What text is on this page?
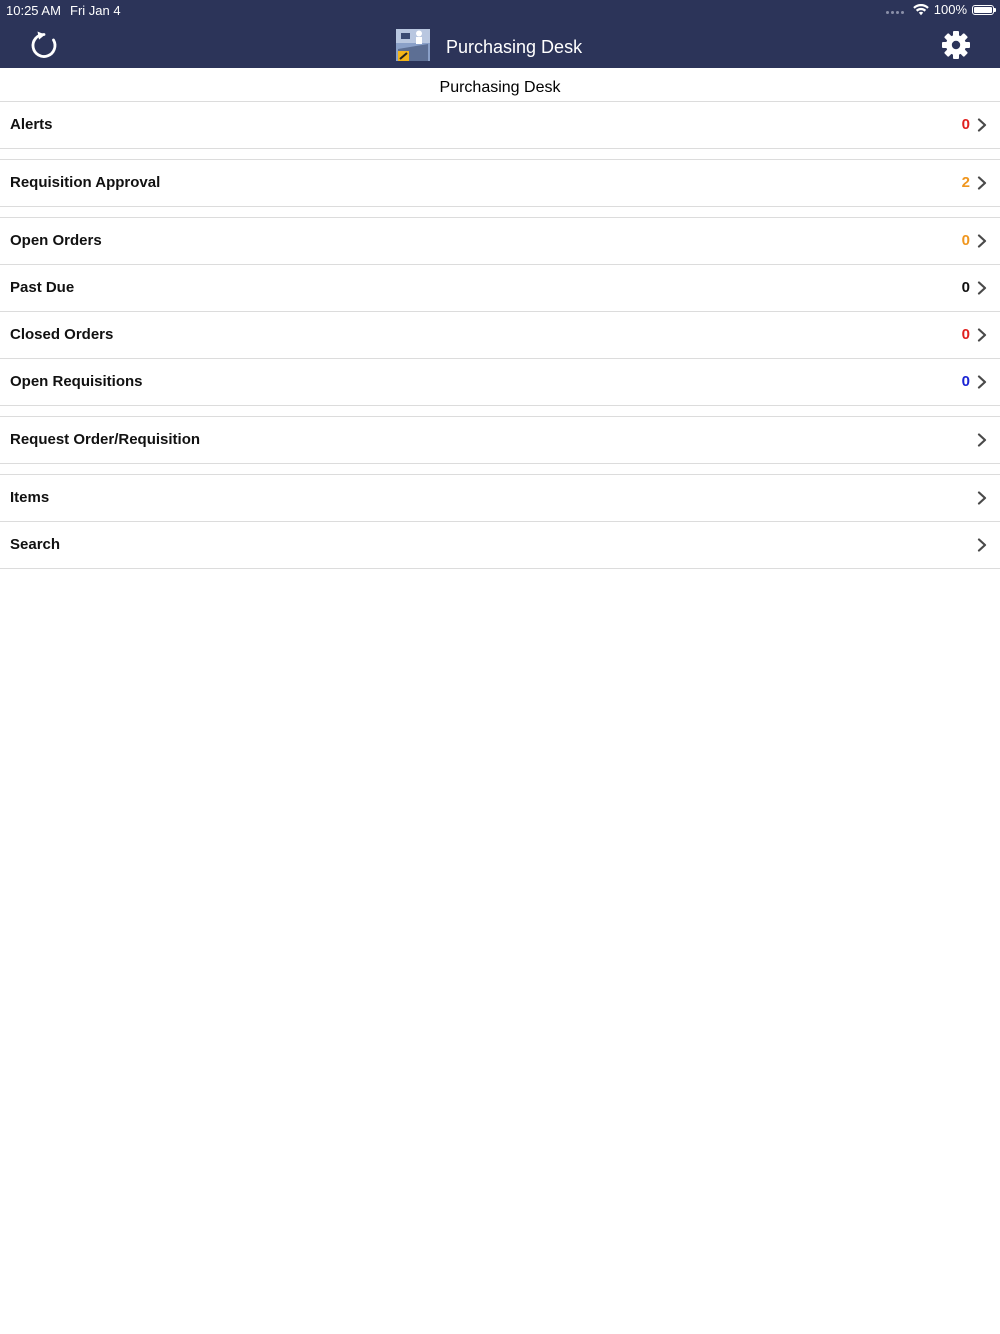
10:25 AM Fri Jan 4	100%
Purchasing Desk
Purchasing Desk
Alerts	0
Requisition Approval	2
Open Orders	0
Past Due	0
Closed Orders	0
Open Requisitions	0
Request Order/Requisition
Items
Search
